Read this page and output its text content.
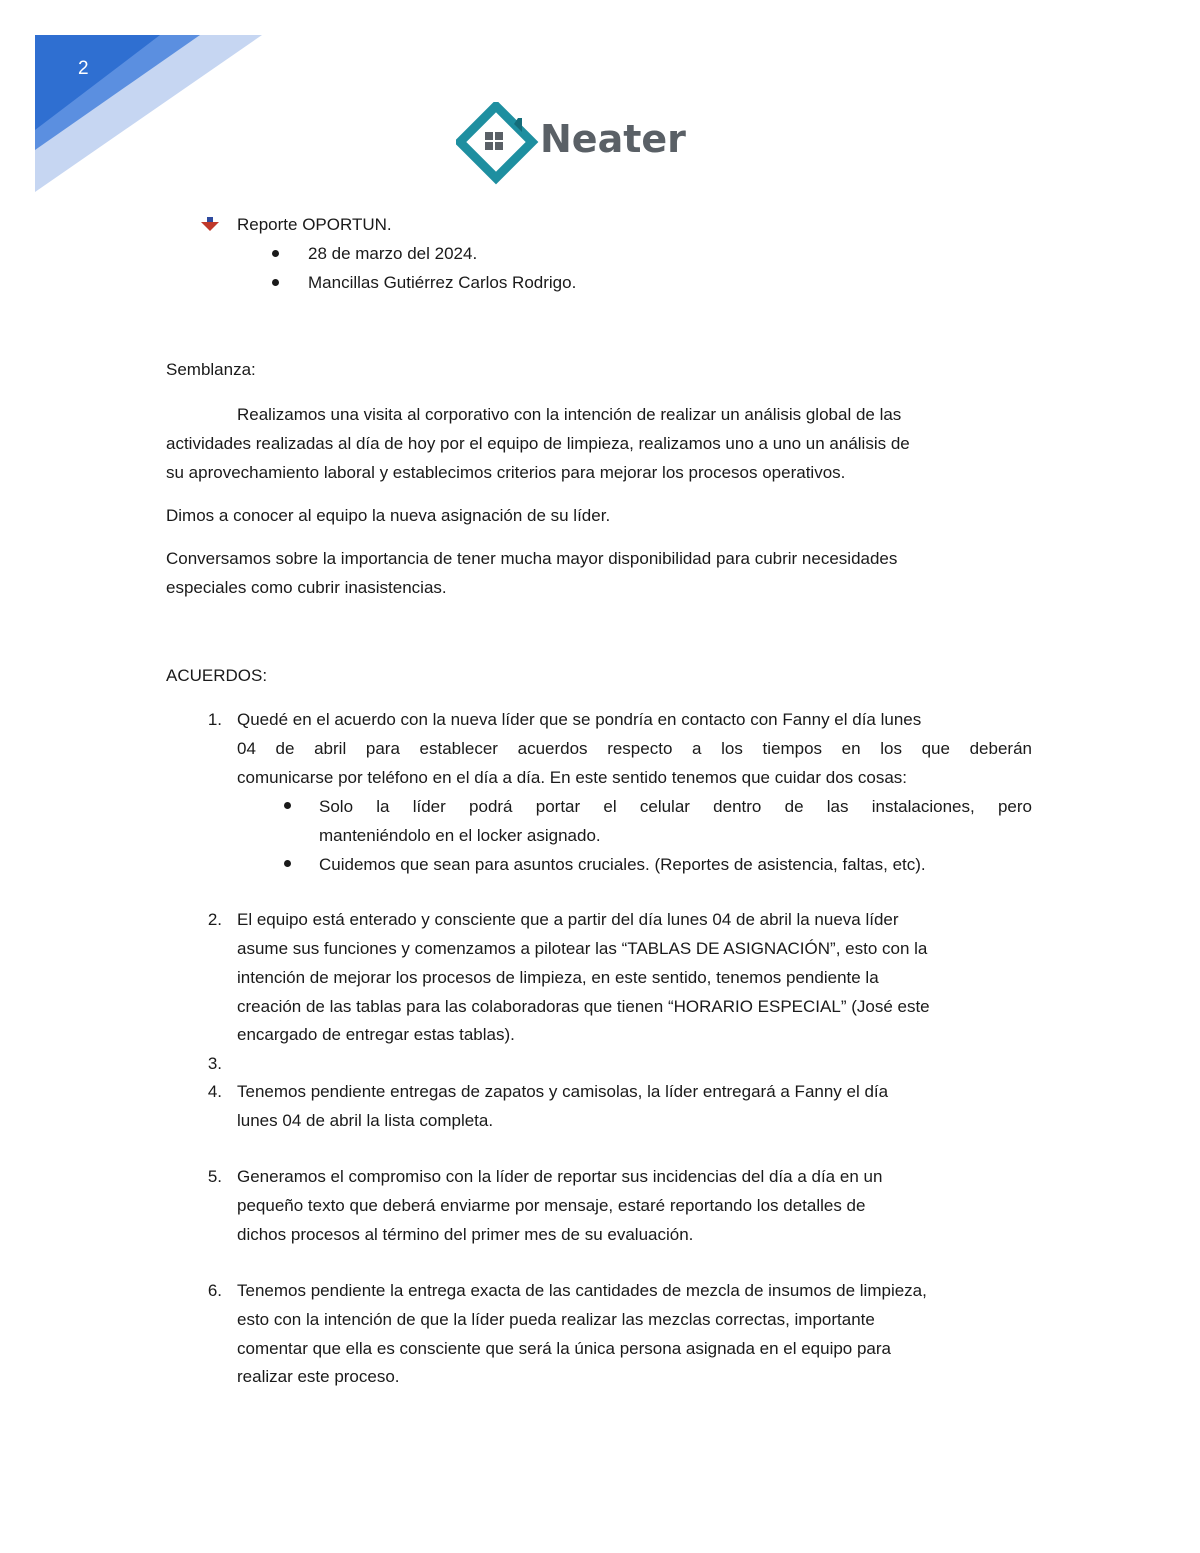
2
Neater
Reporte OPORTUN.
28 de marzo del 2024.
Mancillas Gutiérrez Carlos Rodrigo.
Semblanza:
Realizamos una visita al corporativo con la intención de realizar un análisis global de las
actividades realizadas al día de hoy por el equipo de limpieza, realizamos uno a uno un análisis de
su aprovechamiento laboral y establecimos criterios para mejorar los procesos operativos.
Dimos a conocer al equipo la nueva asignación de su líder.
Conversamos sobre la importancia de tener mucha mayor disponibilidad para cubrir necesidades
especiales como cubrir inasistencias.
ACUERDOS:
1. Quedé en el acuerdo con la nueva líder que se pondría en contacto con Fanny el día lunes
04 de abril para establecer acuerdos respecto a los tiempos en los que deberán
comunicarse por teléfono en el día a día. En este sentido tenemos que cuidar dos cosas:
Solo la líder podrá portar el celular dentro de las instalaciones, pero
manteniéndolo en el locker asignado.
Cuidemos que sean para asuntos cruciales. (Reportes de asistencia, faltas, etc).
2. El equipo está enterado y consciente que a partir del día lunes 04 de abril la nueva líder
asume sus funciones y comenzamos a pilotear las “TABLAS DE ASIGNACIÓN”, esto con la
intención de mejorar los procesos de limpieza, en este sentido, tenemos pendiente la
creación de las tablas para las colaboradoras que tienen “HORARIO ESPECIAL” (José este
encargado de entregar estas tablas).
3.
4. Tenemos pendiente entregas de zapatos y camisolas, la líder entregará a Fanny el día
lunes 04 de abril la lista completa.
5. Generamos el compromiso con la líder de reportar sus incidencias del día a día en un
pequeño texto que deberá enviarme por mensaje, estaré reportando los detalles de
dichos procesos al término del primer mes de su evaluación.
6. Tenemos pendiente la entrega exacta de las cantidades de mezcla de insumos de limpieza,
esto con la intención de que la líder pueda realizar las mezclas correctas, importante
comentar que ella es consciente que será la única persona asignada en el equipo para
realizar este proceso.
